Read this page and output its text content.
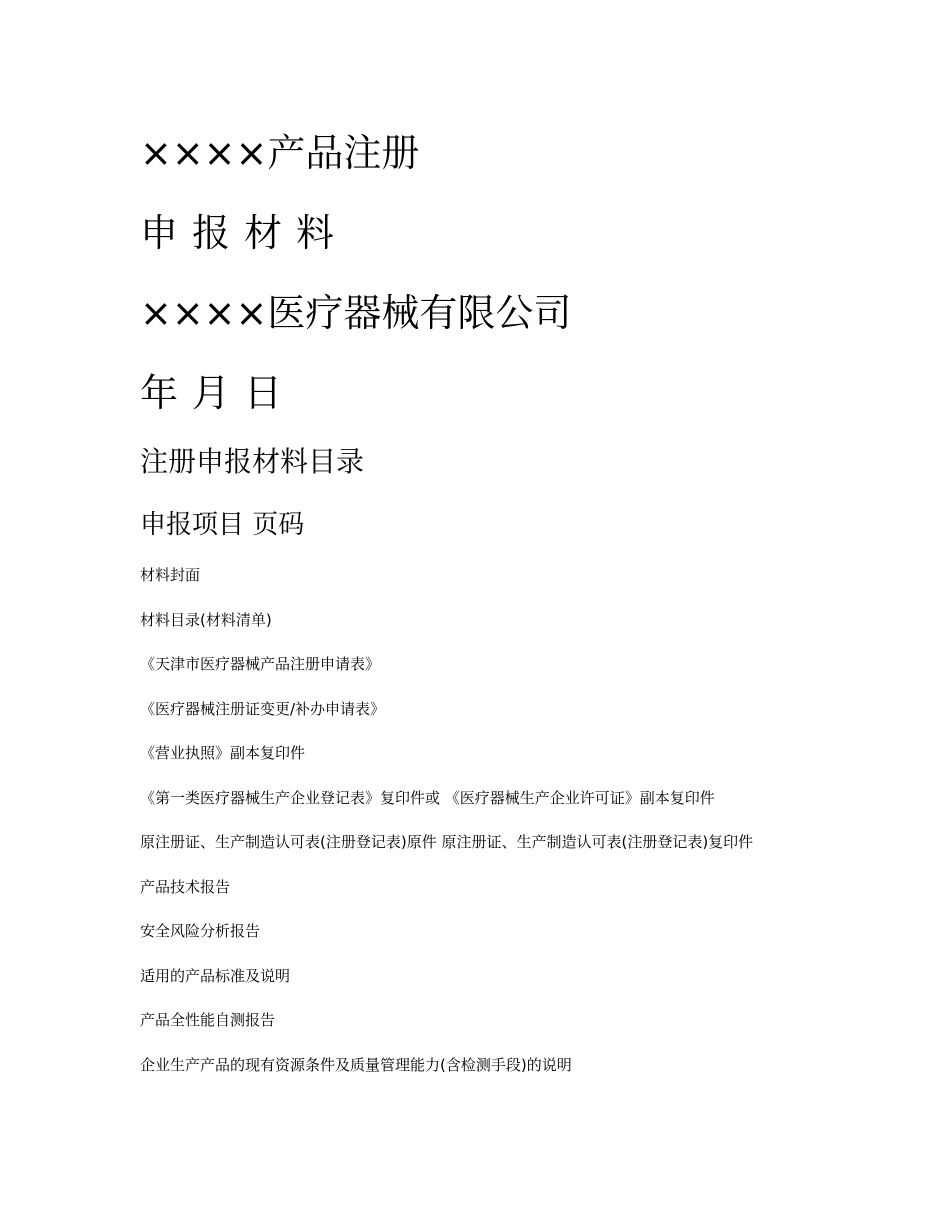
××××产品注册
申报材料
××××医疗器械有限公司
年月日
注册申报材料目录
申报项目 页码
材料封面
材料目录(材料清单)
《天津市医疗器械产品注册申请表》
《医疗器械注册证变更/补办申请表》
《营业执照》副本复印件
《第一类医疗器械生产企业登记表》复印件或 《医疗器械生产企业许可证》副本复印件
原注册证、生产制造认可表(注册登记表)原件 原注册证、生产制造认可表(注册登记表)复印件
产品技术报告
安全风险分析报告
适用的产品标准及说明
产品全性能自测报告
企业生产产品的现有资源条件及质量管理能力(含检测手段)的说明
